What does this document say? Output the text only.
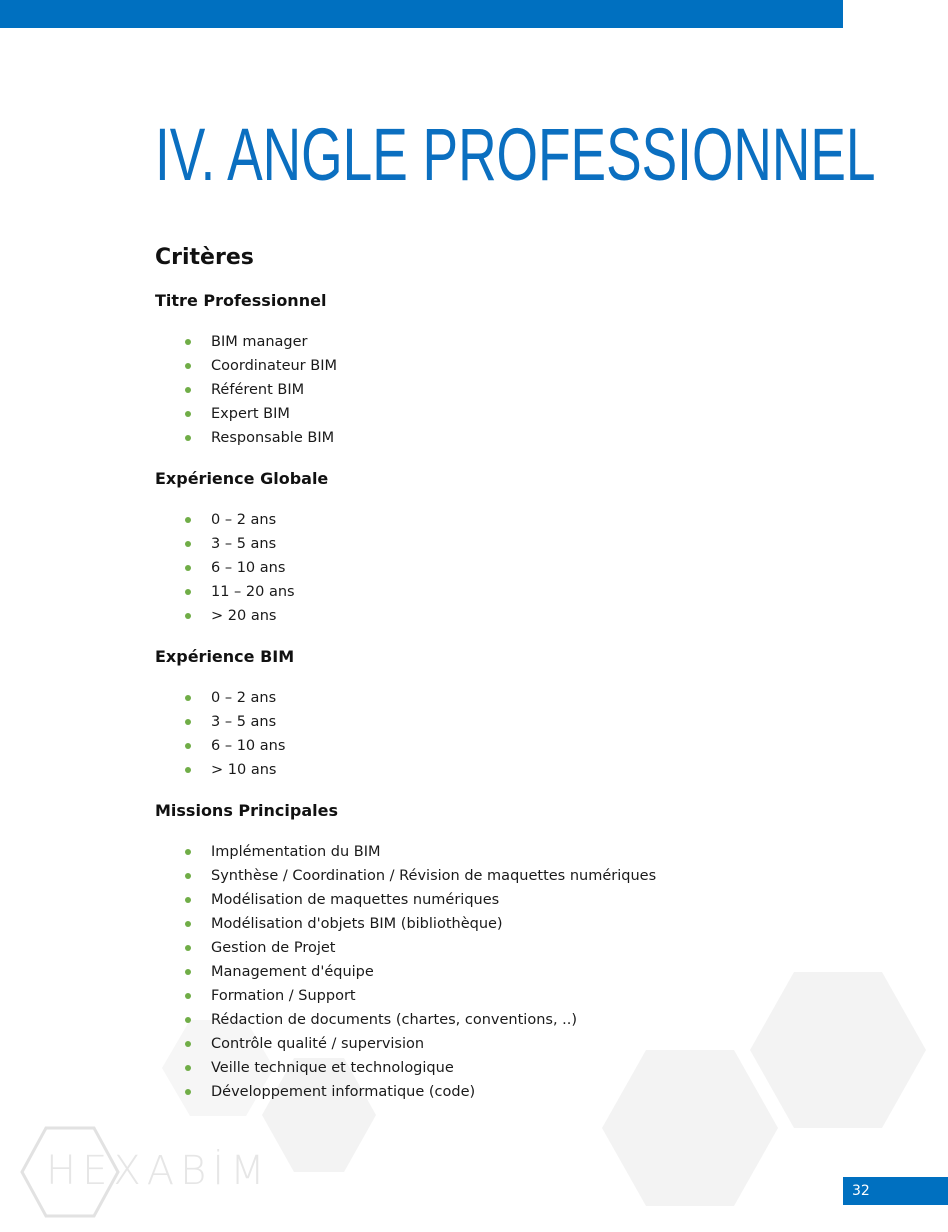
IV. ANGLE PROFESSIONNEL
Critères
Titre Professionnel
BIM manager
Coordinateur BIM
Référent BIM
Expert BIM
Responsable BIM
Expérience Globale
0 – 2 ans
3 – 5 ans
6 – 10 ans
11 – 20 ans
> 20 ans
Expérience BIM
0 – 2 ans
3 – 5 ans
6 – 10 ans
> 10 ans
Missions Principales
Implémentation du BIM
Synthèse / Coordination / Révision de maquettes numériques
Modélisation de maquettes numériques
Modélisation d'objets BIM (bibliothèque)
Gestion de Projet
Management d'équipe
Formation / Support
Rédaction de documents (chartes, conventions, ..)
Contrôle qualité / supervision
Veille technique et technologique
Développement informatique (code)
HEXABİM	32
